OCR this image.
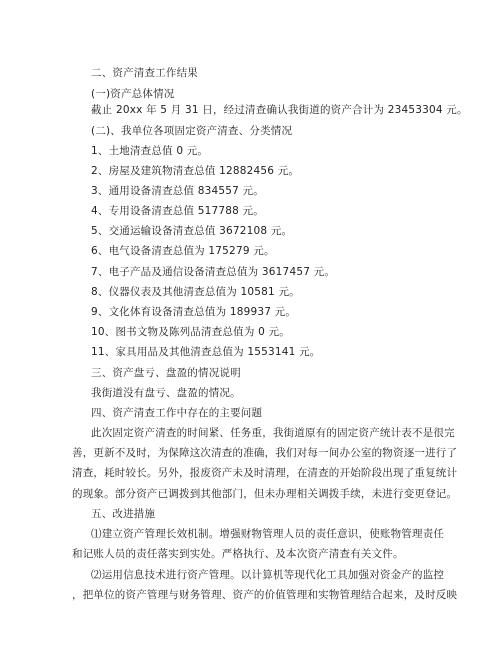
二、资产清查工作结果
(一)资产总体情况
截止 20xx 年 5 月 31 日，经过清查确认我街道的资产合计为 23453304 元。
(二)、我单位各项固定资产清查、分类情况
1、土地清查总值 0 元。
2、房屋及建筑物清查总值 12882456 元。
3、通用设备清查总值 834557 元。
4、专用设备清查总值 517788 元。
5、交通运输设备清查总值 3672108 元。
6、电气设备清查总值为 175279 元。
7、电子产品及通信设备清查总值为 3617457 元。
8、仪器仪表及其他清查总值为 10581 元。
9、文化体育设备清查总值为 189937 元。
10、图书文物及陈列品清查总值为 0 元。
11、家具用品及其他清查总值为 1553141 元。
三、资产盘亏、盘盈的情况说明
我街道没有盘亏、盘盈的情况。
四、资产清查工作中存在的主要问题
此次固定资产清查的时间紧、任务重，我街道原有的固定资产统计表不是很完
善，更新不及时，为保障这次清查的准确，我们对每一间办公室的物资逐一进行了
清查，耗时较长。另外，报废资产未及时清理，在清查的开始阶段出现了重复统计
的现象。部分资产已调拨到其他部门，但未办理相关调拨手续，未进行变更登记。
五、改进措施
⑴建立资产管理长效机制。增强财物管理人员的责任意识，使账物管理责任
和记账人员的责任落实到实处。严格执行、及本次资产清查有关文件。
⑵运用信息技术进行资产管理。以计算机等现代化工具加强对资金产的监控
，把单位的资产管理与财务管理、资产的价值管理和实物管理结合起来，及时反映
